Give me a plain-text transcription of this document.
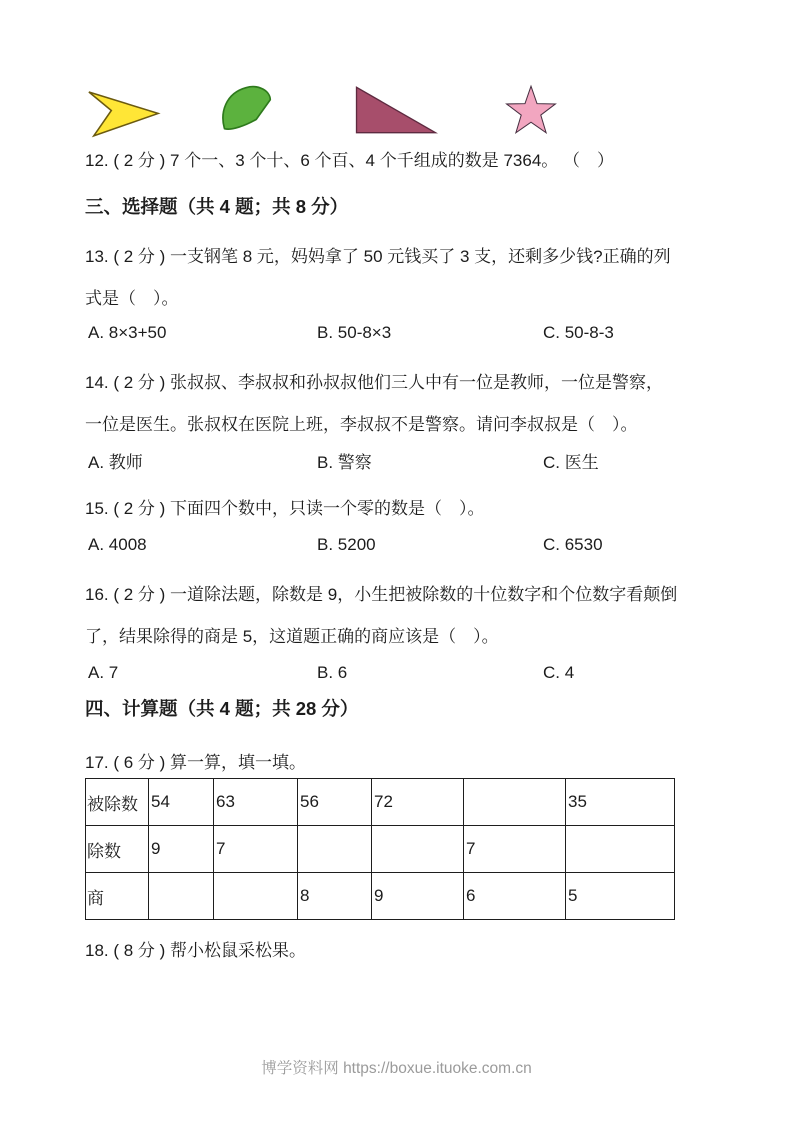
12. ( 2 分 ) 7 个一、3 个十、6 个百、4 个千组成的数是 7364。 （　）
三、选择题（共 4 题；共 8 分）
13. ( 2 分 ) 一支钢笔 8 元，妈妈拿了 50 元钱买了 3 支，还剩多少钱?正确的列
式是（　）。
A. 8×3+50	B. 50-8×3	C. 50-8-3
14. ( 2 分 ) 张叔叔、李叔叔和孙叔叔他们三人中有一位是教师，一位是警察，
一位是医生。张叔权在医院上班，李叔叔不是警察。请问李叔叔是（　）。
A. 教师	B. 警察	C. 医生
15. ( 2 分 ) 下面四个数中，只读一个零的数是（　）。
A. 4008	B. 5200	C. 6530
16. ( 2 分 ) 一道除法题，除数是 9，小生把被除数的十位数字和个位数字看颠倒
了，结果除得的商是 5，这道题正确的商应该是（　）。
A. 7	B. 6	C. 4
四、计算题（共 4 题；共 28 分）
17. ( 6 分 ) 算一算，填一填。
被除数	54	63	56	72		35
除数	9	7			7	
商			8	9	6	5
18. ( 8 分 ) 帮小松鼠采松果。
博学资料网 https://boxue.ituoke.com.cn
